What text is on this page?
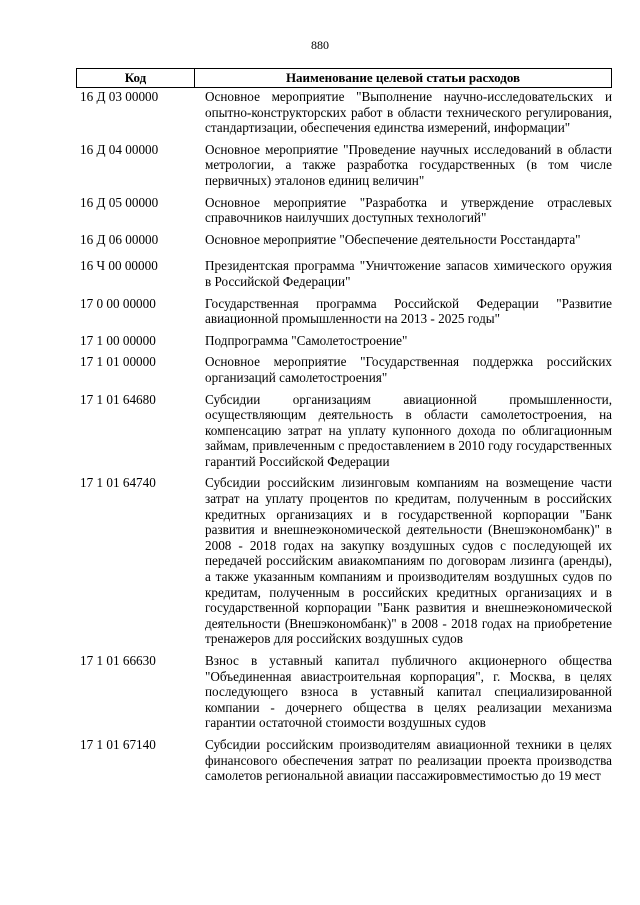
880
Код	Наименование целевой статьи расходов
16 Д 03 00000	Основное мероприятие "Выполнение научно-исследовательских и опытно-конструкторских работ в области технического регулирования, стандартизации, обеспечения единства измерений, информации"
16 Д 04 00000	Основное мероприятие "Проведение научных исследований в области метрологии, а также разработка государственных (в том числе первичных) эталонов единиц величин"
16 Д 05 00000	Основное мероприятие "Разработка и утверждение отраслевых справочников наилучших доступных технологий"
16 Д 06 00000	Основное мероприятие "Обеспечение деятельности Росстандарта"
16 Ч 00 00000	Президентская программа "Уничтожение запасов химического оружия в Российской Федерации"
17 0 00 00000	Государственная программа Российской Федерации "Развитие авиационной промышленности на 2013 - 2025 годы"
17 1 00 00000	Подпрограмма "Самолетостроение"
17 1 01 00000	Основное мероприятие "Государственная поддержка российских организаций самолетостроения"
17 1 01 64680	Субсидии организациям авиационной промышленности, осуществляющим деятельность в области самолетостроения, на компенсацию затрат на уплату купонного дохода по облигационным займам, привлеченным с предоставлением в 2010 году государственных гарантий Российской Федерации
17 1 01 64740	Субсидии российским лизинговым компаниям на возмещение части затрат на уплату процентов по кредитам, полученным в российских кредитных организациях и в государственной корпорации "Банк развития и внешнеэкономической деятельности (Внешэкономбанк)" в 2008 - 2018 годах на закупку воздушных судов с последующей их передачей российским авиакомпаниям по договорам лизинга (аренды), а также указанным компаниям и производителям воздушных судов по кредитам, полученным в российских кредитных организациях и в государственной корпорации "Банк развития и внешнеэкономической деятельности (Внешэкономбанк)" в 2008 - 2018 годах на приобретение тренажеров для российских воздушных судов
17 1 01 66630	Взнос в уставный капитал публичного акционерного общества "Объединенная авиастроительная корпорация", г. Москва, в целях последующего взноса в уставный капитал специализированной компании - дочернего общества в целях реализации механизма гарантии остаточной стоимости воздушных судов
17 1 01 67140	Субсидии российским производителям авиационной техники в целях финансового обеспечения затрат по реализации проекта производства самолетов региональной авиации пассажировместимостью до 19 мест
